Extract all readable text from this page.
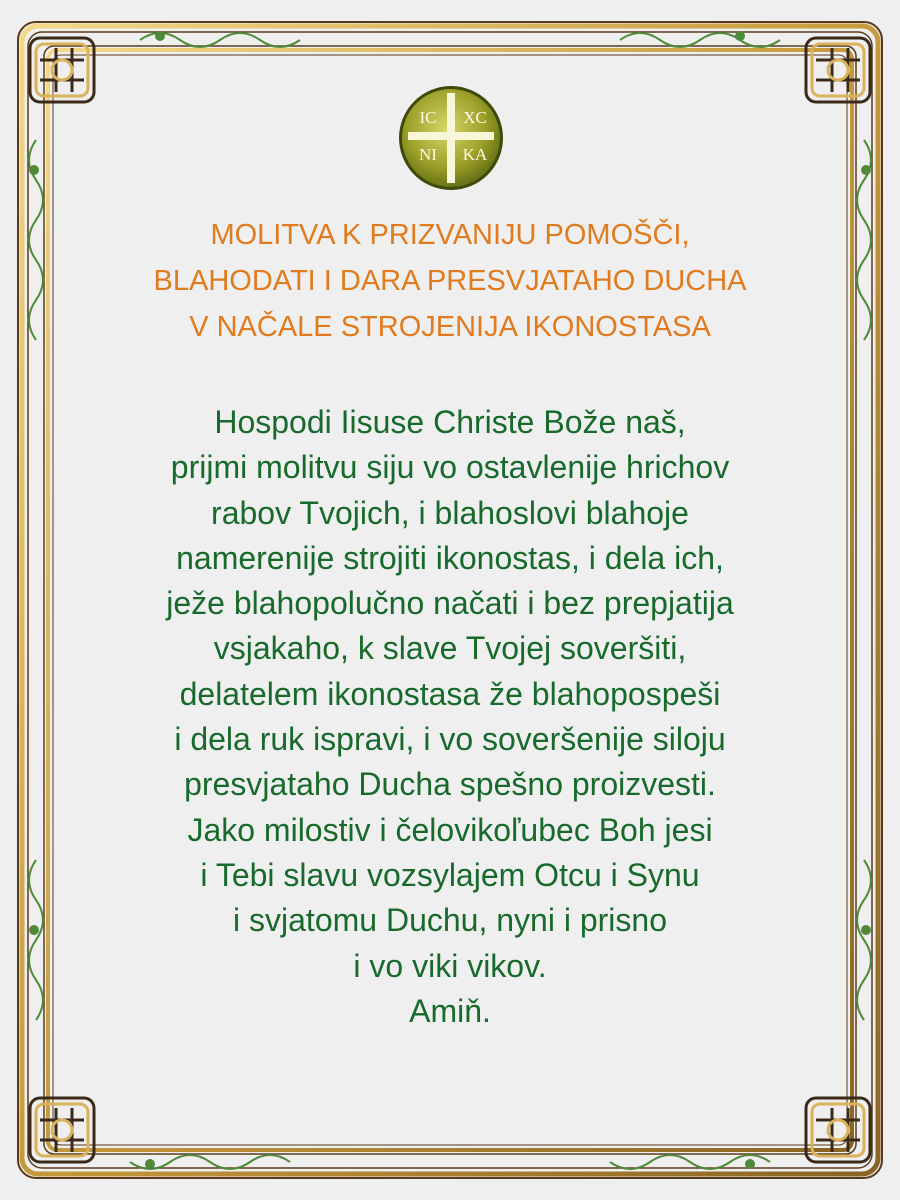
IC XC
NI KA
MOLITVA K PRIZVANIJU POMOŠČI,
BLAHODATI I DARA PRESVJATAHO DUCHA
V NAČALE STROJENIJA IKONOSTASA
Hospodi Iisuse Christe Bože naš,
prijmi molitvu siju vo ostavlenije hrichov
rabov Tvojich, i blahoslovi blahoje
namerenije strojiti ikonostas, i dela ich,
ježe blahopolučno načati i bez prepjatija
vsjakaho, k slave Tvojej soveršiti,
delatelem ikonostasa že blahopospeši
i dela ruk ispravi, i vo soveršenije siloju
presvjataho Ducha spešno proizvesti.
Jako milostiv i čelovikoľubec Boh jesi
i Tebi slavu vozsylajem Otcu i Synu
i svjatomu Duchu, nyni i prisno
i vo viki vikov.
Amiň.
